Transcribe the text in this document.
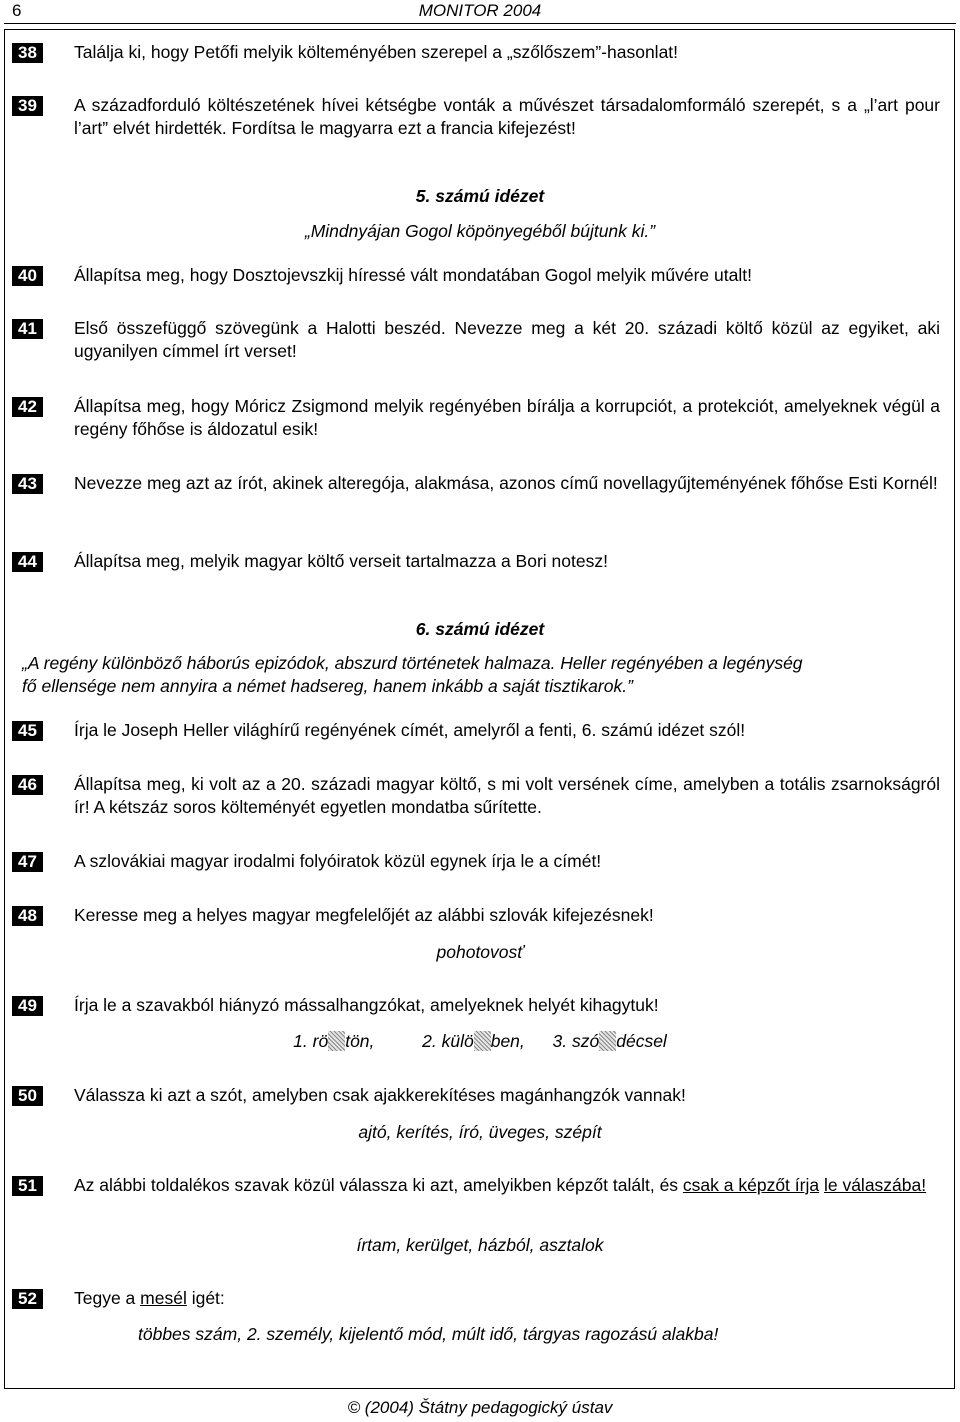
6	MONITOR 2004
38	Találja ki, hogy Petőfi melyik költeményében szerepel a „szőlőszem”-hasonlat!
39	A századforduló költészetének hívei kétségbe vonták a művészet társadalomformáló szerepét, s a „l’art pour l’art” elvét hirdették. Fordítsa le magyarra ezt a francia kifejezést!
5. számú idézet
„Mindnyájan Gogol köpönyegéből bújtunk ki.”
40	Állapítsa meg, hogy Dosztojevszkij híressé vált mondatában Gogol melyik művére utalt!
41	Első összefüggő szövegünk a Halotti beszéd. Nevezze meg a két 20. századi költő közül az egyiket, aki ugyanilyen címmel írt verset!
42	Állapítsa meg, hogy Móricz Zsigmond melyik regényében bírálja a korrupciót, a protekciót, amelyeknek végül a regény főhőse is áldozatul esik!
43	Nevezze meg azt az írót, akinek alteregója, alakmása, azonos című novellagyűjteményének főhőse Esti Kornél!
44	Állapítsa meg, melyik magyar költő verseit tartalmazza a Bori notesz!
6. számú idézet
„A regény különböző háborús epizódok, abszurd történetek halmaza. Heller regényében a legénység
fő ellensége nem annyira a német hadsereg, hanem inkább a saját tisztikarok.”
45	Írja le Joseph Heller világhírű regényének címét, amelyről a fenti, 6. számú idézet szól!
46	Állapítsa meg, ki volt az a 20. századi magyar költő, s mi volt versének címe, amelyben a totális zsarnokságról ír! A kétszáz soros költeményét egyetlen mondatba sűrítette.
47	A szlovákiai magyar irodalmi folyóiratok közül egynek írja le a címét!
48	Keresse meg a helyes magyar megfelelőjét az alábbi szlovák kifejezésnek!
pohotovosť
49	Írja le a szavakból hiányzó mássalhangzókat, amelyeknek helyét kihagytuk!
1. rö tön,	2. külö ben, 3. szó décsel
50	Válassza ki azt a szót, amelyben csak ajakkerekítéses magánhangzók vannak!
ajtó, kerítés, író, üveges, szépít
51	Az alábbi toldalékos szavak közül válassza ki azt, amelyikben képzőt talált, és csak a képzőt írja le válaszába!
írtam, kerülget, házból, asztalok
52	Tegye a mesél igét:
többes szám, 2. személy, kijelentő mód, múlt idő, tárgyas ragozású alakba!
© (2004) Štátny pedagogický ústav
